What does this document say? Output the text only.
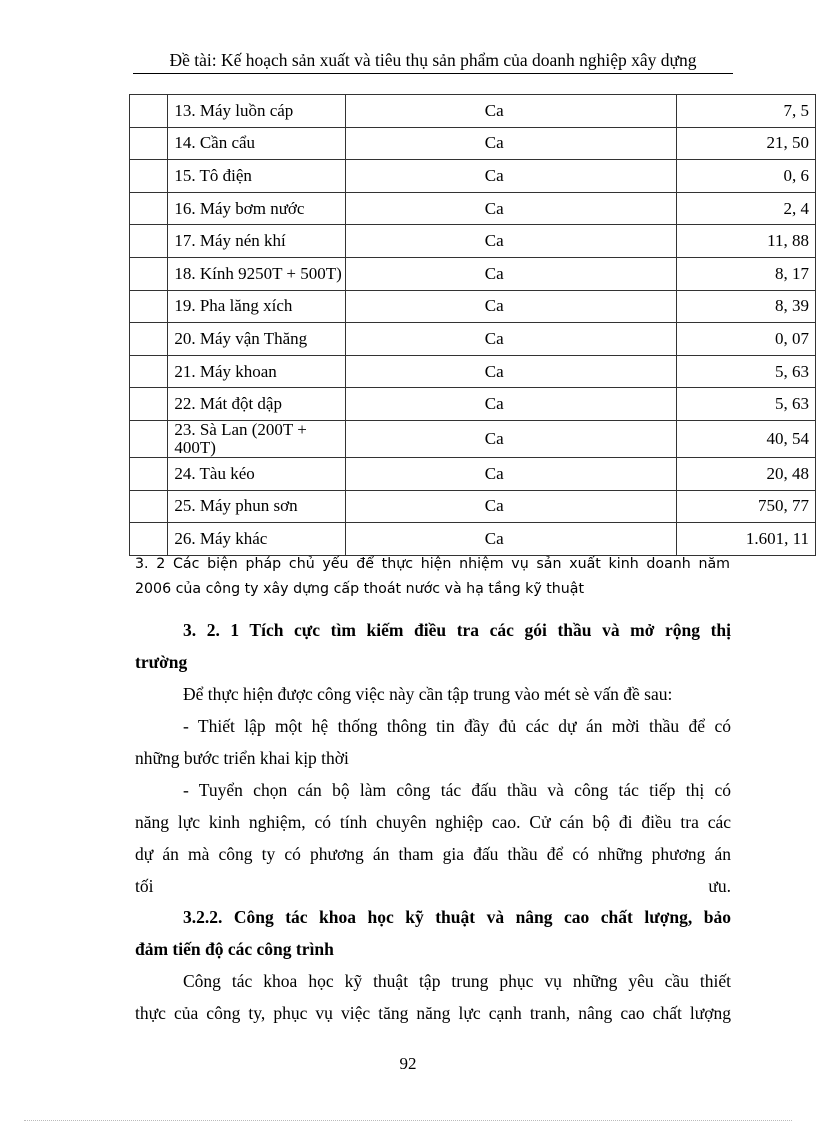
Đề tài: Kế hoạch sản xuất và tiêu thụ sản phẩm của doanh nghiệp xây dựng
	13. Máy luồn cáp	Ca	7, 5
	14. Cần cẩu	Ca	21, 50
	15. Tô điện	Ca	0, 6
	16. Máy bơm nước	Ca	2, 4
	17. Máy nén khí	Ca	11, 88
	18. Kính 9250T + 500T)	Ca	8, 17
	19. Pha lăng xích	Ca	8, 39
	20. Máy vận Thăng	Ca	0, 07
	21. Máy khoan	Ca	5, 63
	22. Mát đột dập	Ca	5, 63
	23. Sà Lan (200T + 400T)	Ca	40, 54
	24. Tàu kéo	Ca	20, 48
	25. Máy phun sơn	Ca	750, 77
	26. Máy khác	Ca	1.601, 11
3. 2 Các biện pháp chủ yếu để thực hiện nhiệm vụ sản xuất kinh doanh năm
2006 của công ty xây dựng cấp thoát nước và hạ tầng kỹ thuật
3. 2. 1 Tích cực tìm kiếm điều tra các gói thầu và mở rộng thị
trường
Để thực hiện được công việc này cần tập trung vào mét sè vấn đề sau:
- Thiết lập một hệ thống thông tin đầy đủ các dự án mời thầu để có
những bước triển khai kịp thời
- Tuyển chọn cán bộ làm công tác đấu thầu và công tác tiếp thị có
năng lực kinh nghiệm, có tính chuyên nghiệp cao. Cử cán bộ đi điều tra các
dự án mà công ty có phương án tham gia đấu thầu để có những phương án
tối	ưu.
3.2.2. Công tác khoa học kỹ thuật và nâng cao chất lượng, bảo
đảm tiến độ các công trình
Công tác khoa học kỹ thuật tập trung phục vụ những yêu cầu thiết
thực của công ty, phục vụ việc tăng năng lực cạnh tranh, nâng cao chất lượng
92
